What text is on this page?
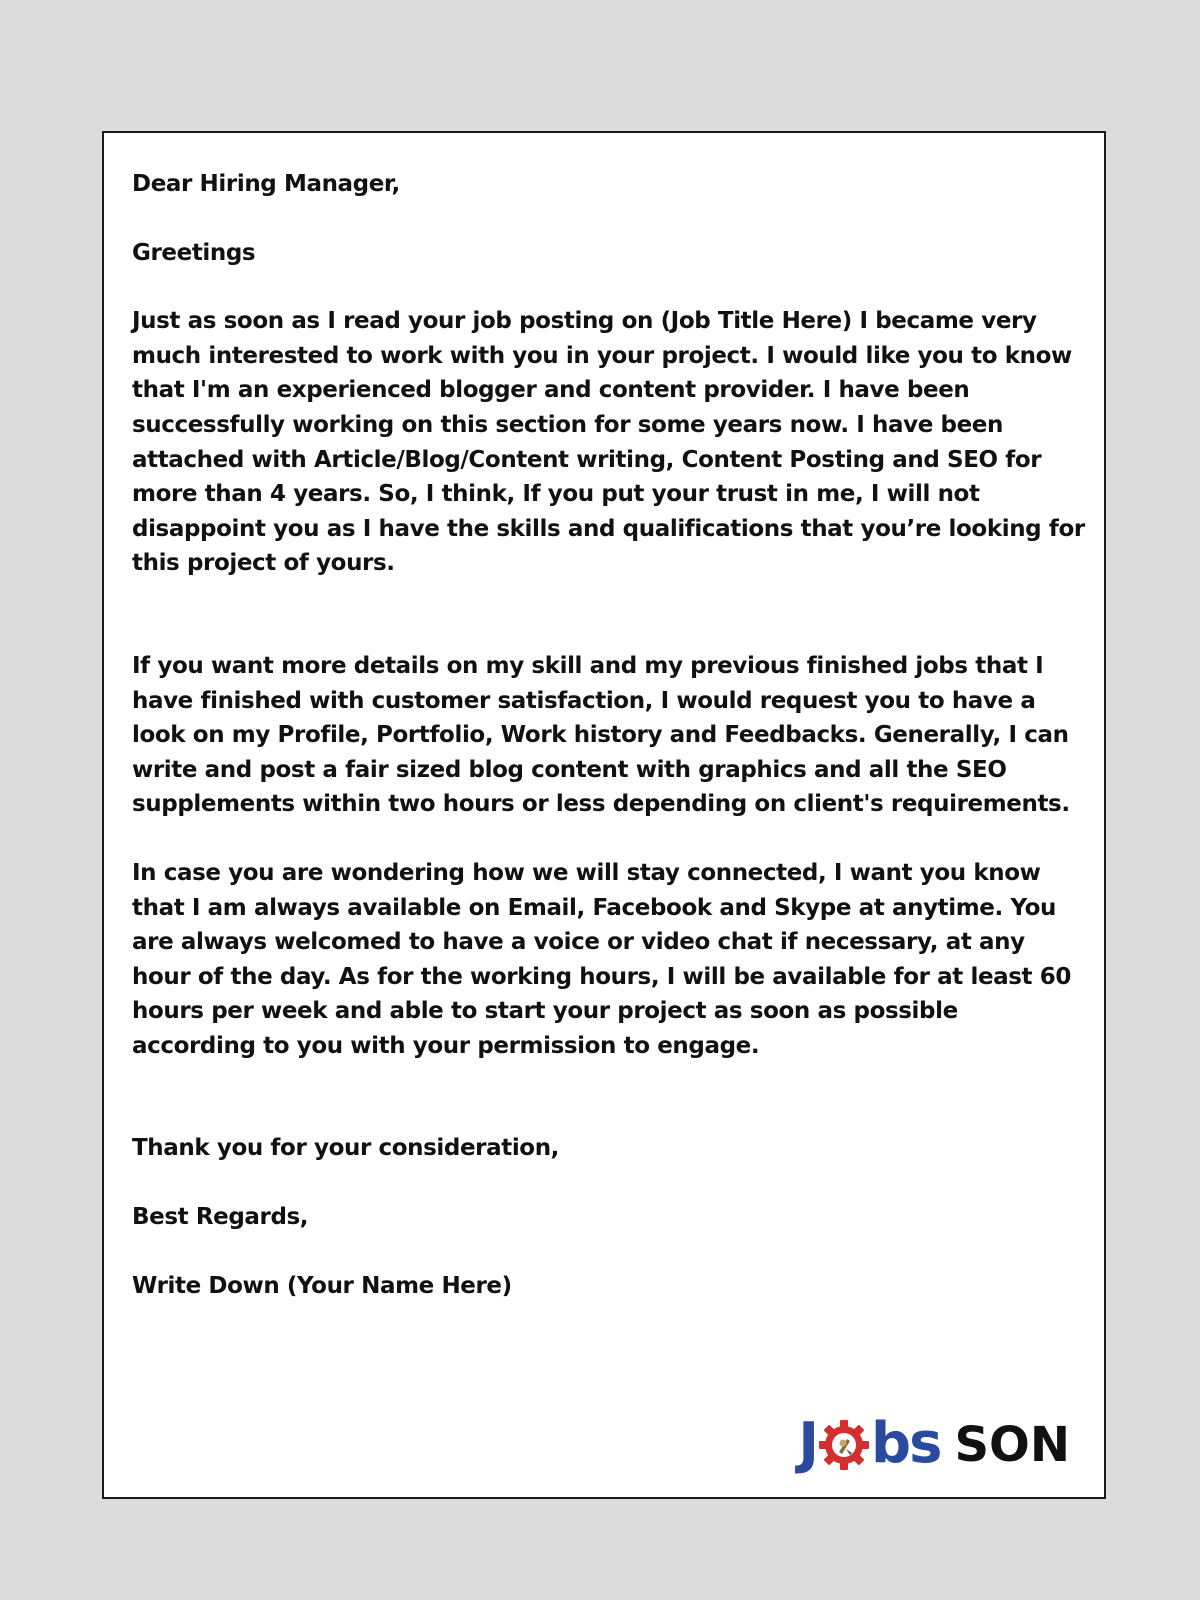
Dear Hiring Manager,

Greetings

Just as soon as I read your job posting on (Job Title Here) I became very much interested to work with you in your project. I would like you to know that I'm an experienced blogger and content provider. I have been successfully working on this section for some years now. I have been attached with Article/Blog/Content writing, Content Posting and SEO for more than 4 years. So, I think, If you put your trust in me, I will not disappoint you as I have the skills and qualifications that you’re looking for this project of yours.

If you want more details on my skill and my previous finished jobs that I have finished with customer satisfaction, I would request you to have a look on my Profile, Portfolio, Work history and Feedbacks. Generally, I can write and post a fair sized blog content with graphics and all the SEO supplements within two hours or less depending on client's requirements.

In case you are wondering how we will stay connected, I want you know that I am always available on Email, Facebook and Skype at anytime. You are always welcomed to have a voice or video chat if necessary, at any hour of the day. As for the working hours, I will be available for at least 60 hours per week and able to start your project as soon as possible according to you with your permission to engage.

Thank you for your consideration,

Best Regards,

Write Down (Your Name Here)

J bs SON
